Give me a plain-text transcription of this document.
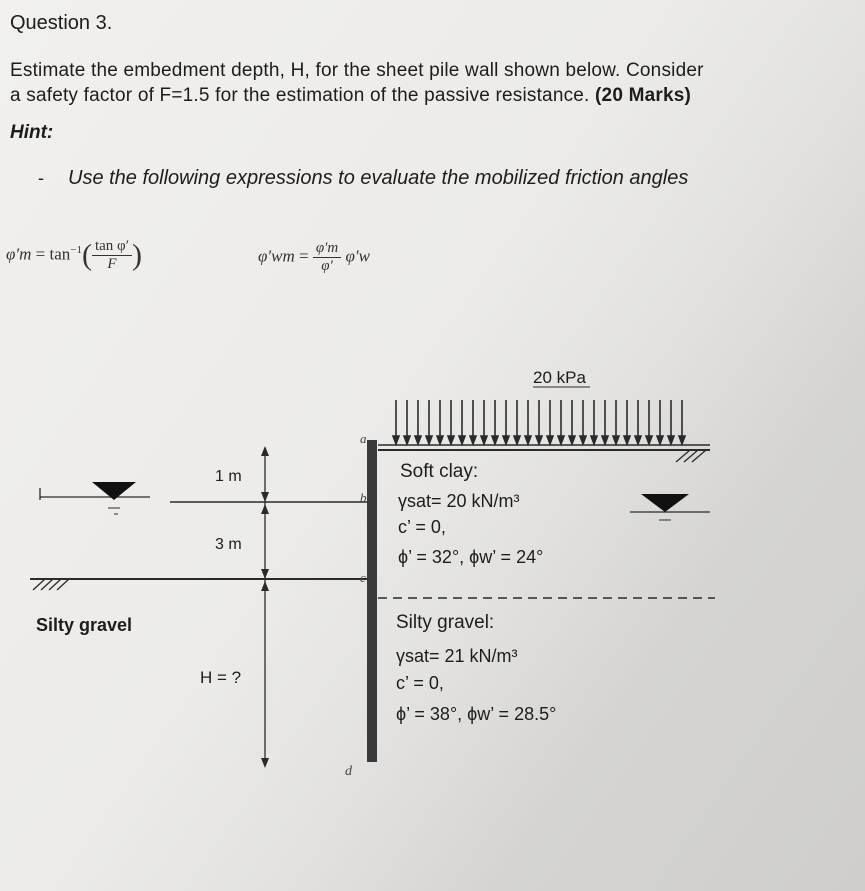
Question 3.
Estimate the embedment depth, H, for the sheet pile wall shown below. Consider
a safety factor of F=1.5 for the estimation of the passive resistance. (20 Marks)
Hint:
- Use the following expressions to evaluate the mobilized friction angles
$\varphi'm = \tan^{-1}( \frac{\text{tan φ′}}{F}$ )	$\varphi'wm = \frac{\varphi'm}{\varphi'} \varphi'w$
20 kPa
1 m
3 m
H = ?
a
b
c
d
Soft clay:
γsat= 20 kN/m³
c’ = 0,
ϕ’ = 32°, ϕw’ = 24°
Silty gravel:
γsat= 21 kN/m³
c’ = 0,
ϕ’ = 38°, ϕw’ = 28.5°
Silty gravel
